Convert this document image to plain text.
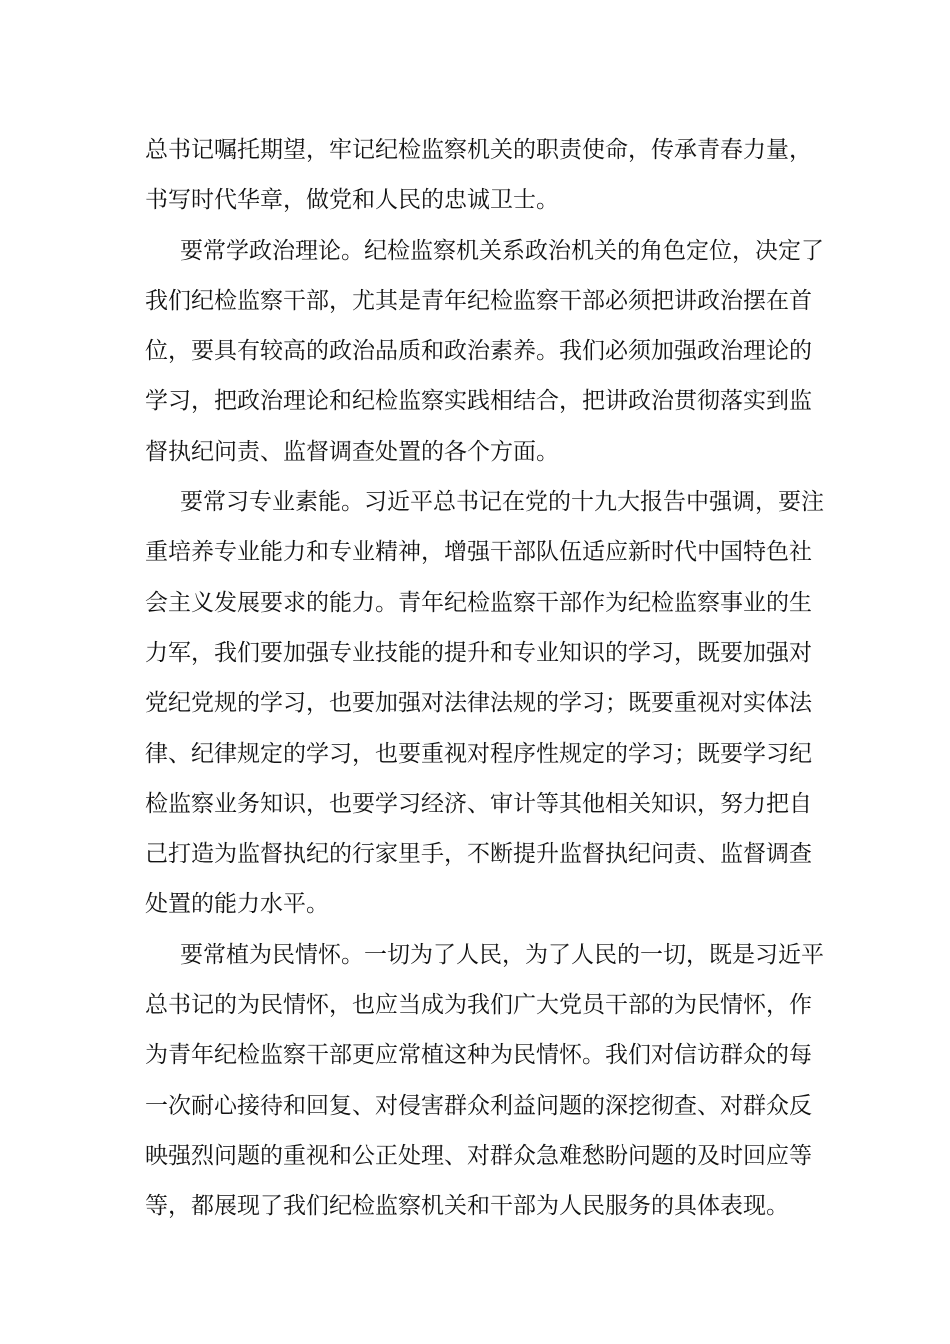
总书记嘱托期望，牢记纪检监察机关的职责使命，传承青春力量，
书写时代华章，做党和人民的忠诚卫士。
要常学政治理论。纪检监察机关系政治机关的角色定位，决定了
我们纪检监察干部，尤其是青年纪检监察干部必须把讲政治摆在首
位，要具有较高的政治品质和政治素养。我们必须加强政治理论的
学习，把政治理论和纪检监察实践相结合，把讲政治贯彻落实到监
督执纪问责、监督调查处置的各个方面。
要常习专业素能。习近平总书记在党的十九大报告中强调，要注
重培养专业能力和专业精神，增强干部队伍适应新时代中国特色社
会主义发展要求的能力。青年纪检监察干部作为纪检监察事业的生
力军，我们要加强专业技能的提升和专业知识的学习，既要加强对
党纪党规的学习，也要加强对法律法规的学习；既要重视对实体法
律、纪律规定的学习，也要重视对程序性规定的学习；既要学习纪
检监察业务知识，也要学习经济、审计等其他相关知识，努力把自
己打造为监督执纪的行家里手，不断提升监督执纪问责、监督调查
处置的能力水平。
要常植为民情怀。一切为了人民，为了人民的一切，既是习近平
总书记的为民情怀，也应当成为我们广大党员干部的为民情怀，作
为青年纪检监察干部更应常植这种为民情怀。我们对信访群众的每
一次耐心接待和回复、对侵害群众利益问题的深挖彻查、对群众反
映强烈问题的重视和公正处理、对群众急难愁盼问题的及时回应等
等，都展现了我们纪检监察机关和干部为人民服务的具体表现。
